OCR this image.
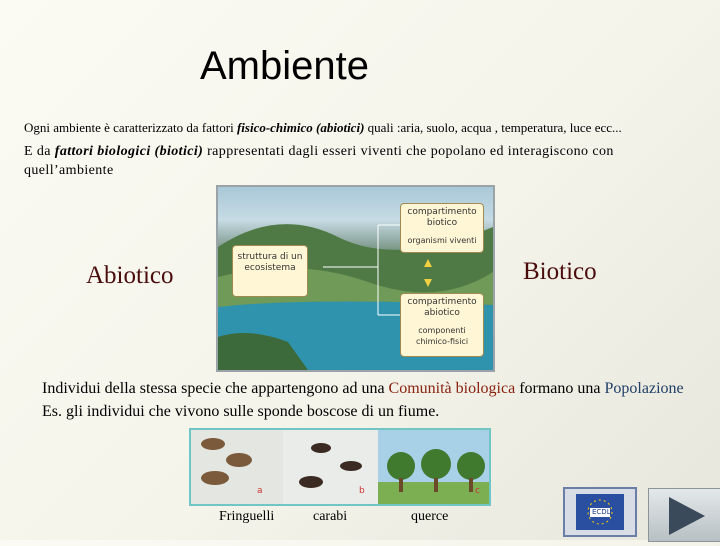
Ambiente
Ogni ambiente è caratterizzato da fattori fisico-chimico (abiotici) quali :aria, suolo, acqua , temperatura, luce ecc...
E da fattori biologici (biotici) rappresentati dagli esseri viventi che popolano ed interagiscono con quell’ambiente
struttura di un ecosistema
compartimento biotico
organismi viventi
compartimento abiotico
componenti chimico-fisici
Abiotico	Biotico
Individui della stessa specie che appartengono ad una Comunità biologica formano una Popolazione Es. gli individui che vivono sulle sponde boscose di un fiume.
a	b	c
Fringuelli	carabi	querce	ECDL
